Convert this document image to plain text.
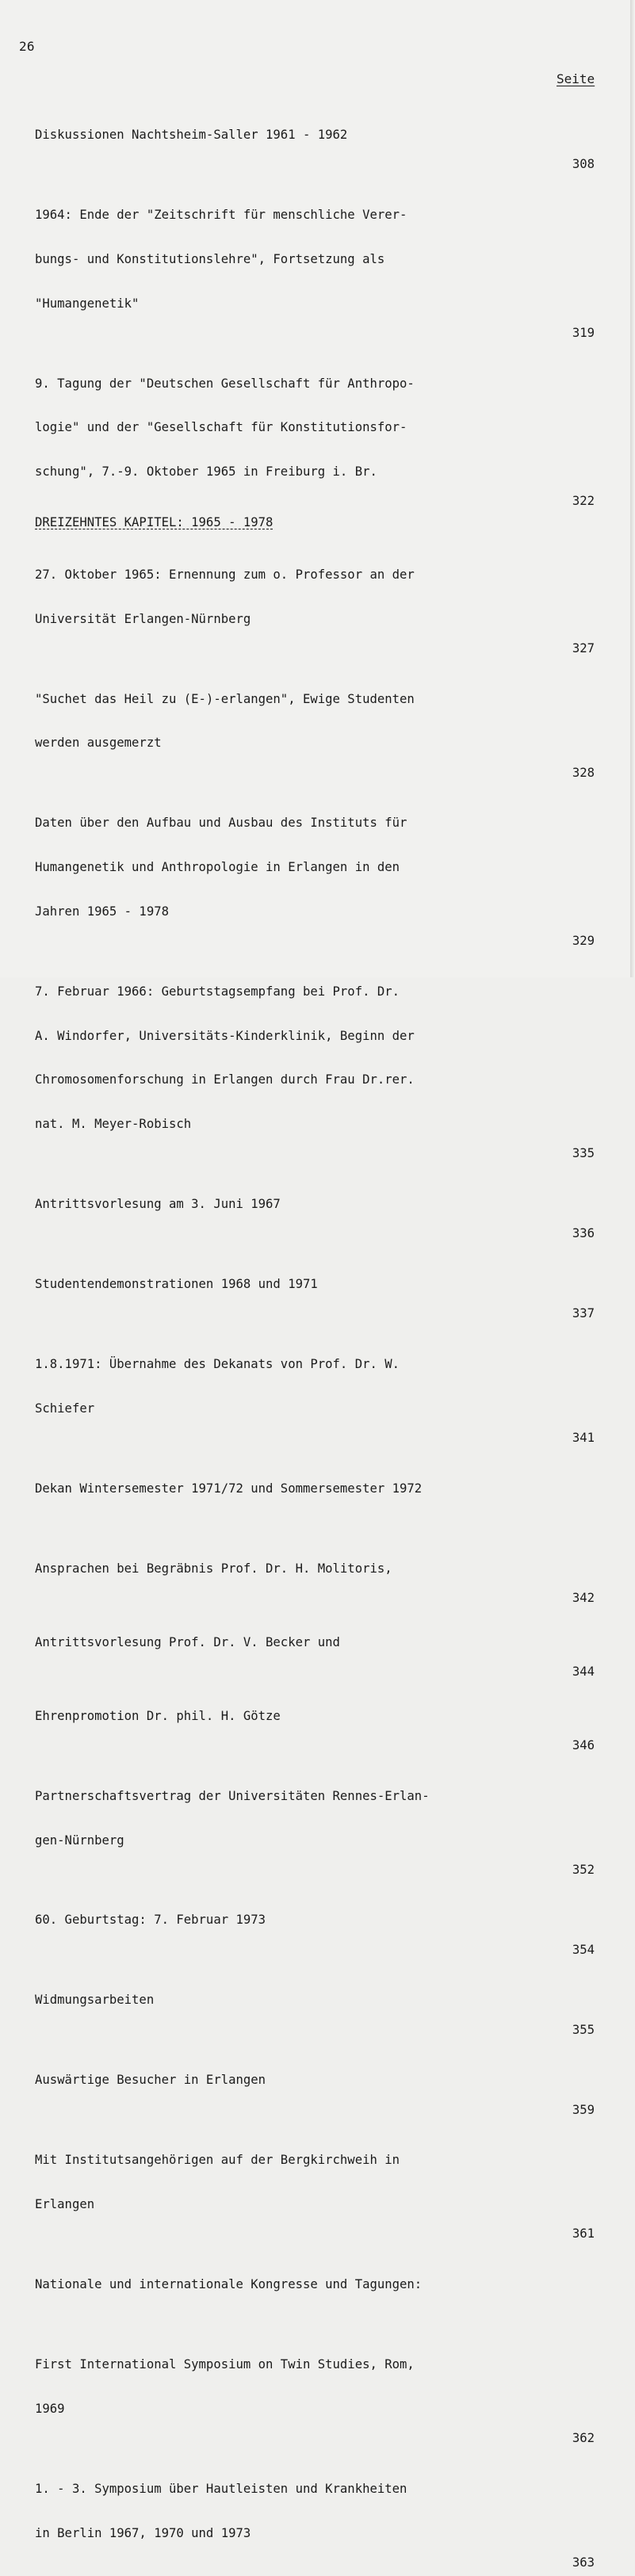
26
Seite

Diskussionen Nachtsheim-Saller 1961 - 1962

308

1964: Ende der "Zeitschrift für menschliche Verer-

bungs- und Konstitutionslehre", Fortsetzung als

"Humangenetik"

319

9. Tagung der "Deutschen Gesellschaft für Anthropo-

logie" und der "Gesellschaft für Konstitutionsfor-

schung", 7.-9. Oktober 1965 in Freiburg i. Br.

322
DREIZEHNTES KAPITEL: 1965 - 1978

27. Oktober 1965: Ernennung zum o. Professor an der

Universität Erlangen-Nürnberg

327

"Suchet das Heil zu (E-)-erlangen", Ewige Studenten

werden ausgemerzt

328

Daten über den Aufbau und Ausbau des Instituts für

Humangenetik und Anthropologie in Erlangen in den

Jahren 1965 - 1978

329

7. Februar 1966: Geburtstagsempfang bei Prof. Dr.

A. Windorfer, Universitäts-Kinderklinik, Beginn der

Chromosomenforschung in Erlangen durch Frau Dr.rer.

nat. M. Meyer-Robisch

335

Antrittsvorlesung am 3. Juni 1967

336

Studentendemonstrationen 1968 und 1971

337

1.8.1971: Übernahme des Dekanats von Prof. Dr. W.

Schiefer

341

Dekan Wintersemester 1971/72 und Sommersemester 1972

Ansprachen bei Begräbnis Prof. Dr. H. Molitoris,

342

Antrittsvorlesung Prof. Dr. V. Becker und

344

Ehrenpromotion Dr. phil. H. Götze

346

Partnerschaftsvertrag der Universitäten Rennes-Erlan-

gen-Nürnberg

352

60. Geburtstag: 7. Februar 1973

354

Widmungsarbeiten

355

Auswärtige Besucher in Erlangen

359

Mit Institutsangehörigen auf der Bergkirchweih in

Erlangen

361

Nationale und internationale Kongresse und Tagungen:

First International Symposium on Twin Studies, Rom,

1969

362

1. - 3. Symposium über Hautleisten und Krankheiten

in Berlin 1967, 1970 und 1973

363
